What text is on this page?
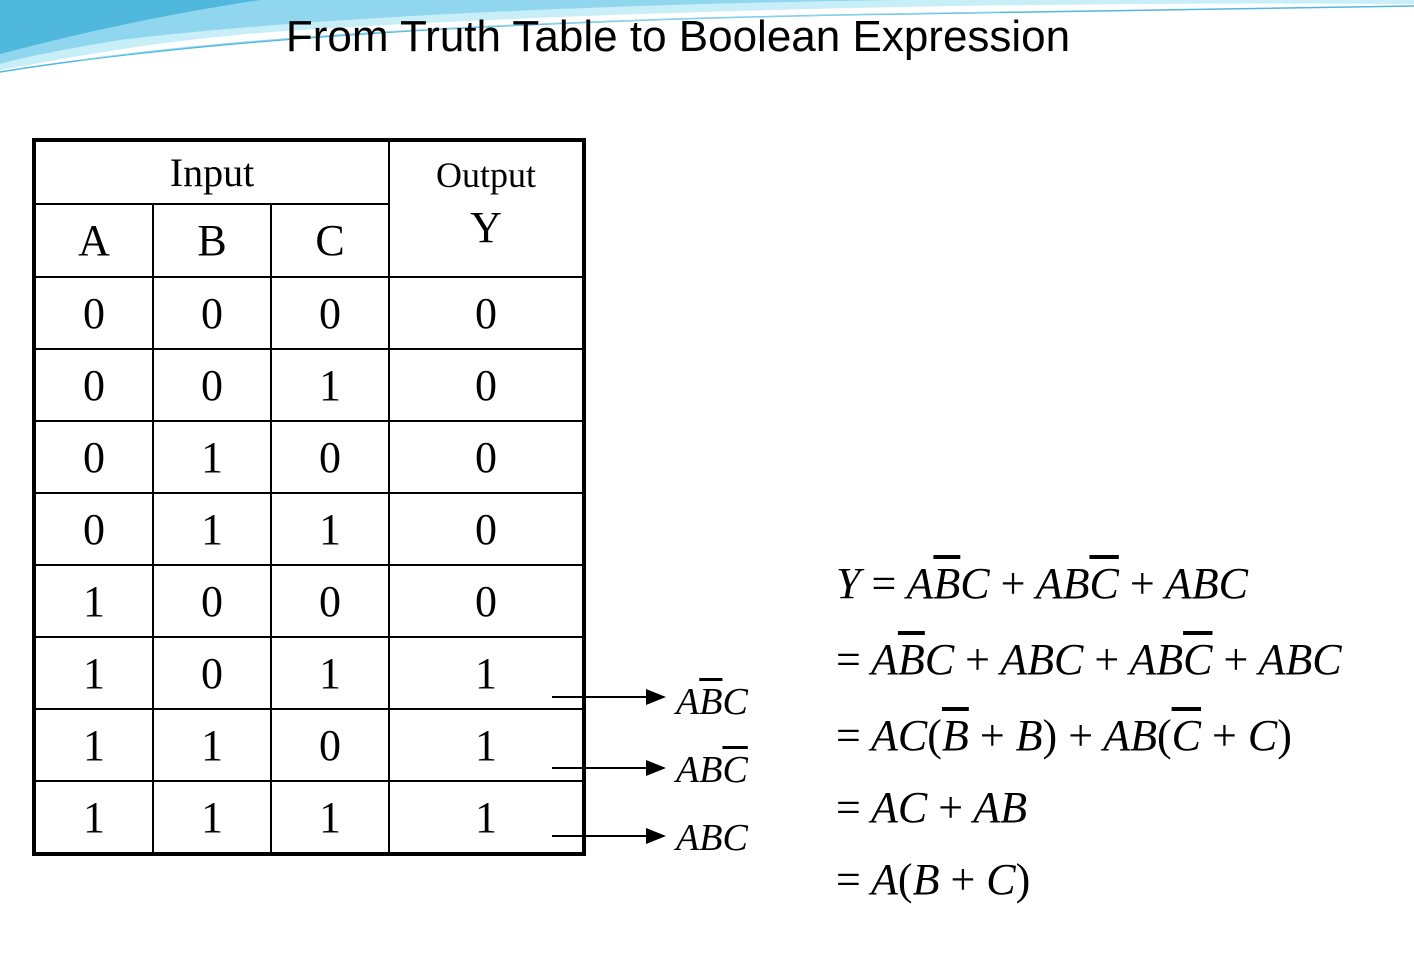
From Truth Table to Boolean Expression
Input			Output
Y

A	B	C	
0	0	0	0
0	0	1	0
0	1	0	0
0	1	1	0
1	0	0	0
1	0	1	1
1	1	0	1
1	1	1	1
$A\overline{B}C$
$AB\overline{C}$
ABC
$Y = A\overline{B}C + AB\overline{C}$ + ABC
= $A\overline{B}C$ + ABC + $AB\overline{C}$ + ABC
= $AC(\overline{B} + B) + AB(\overline{C} + C)$
= AC + AB
= A(B + C)
